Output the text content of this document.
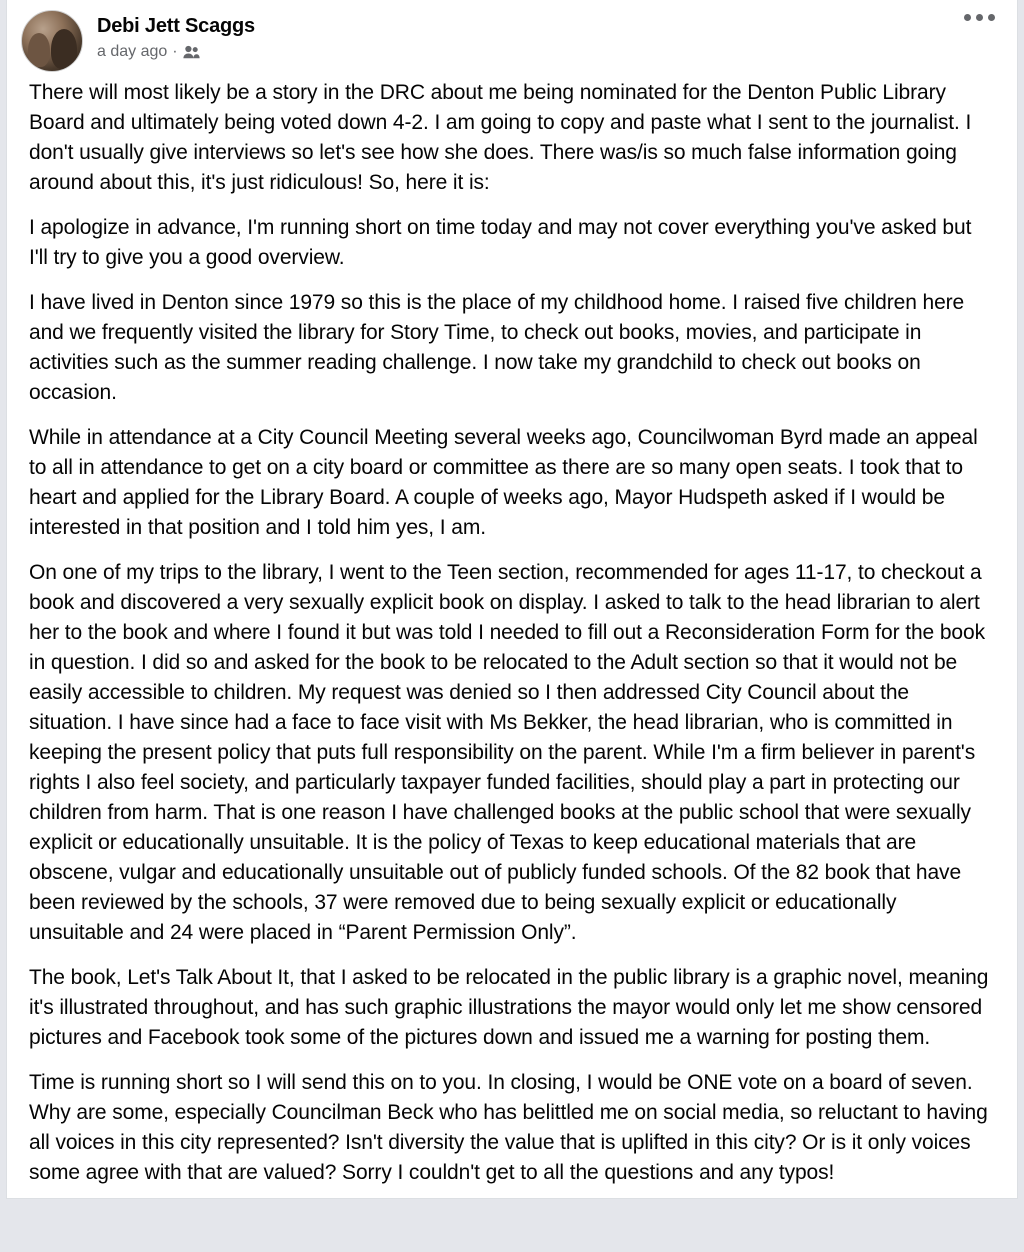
Debi Jett Scaggs
a day ago ·

There will most likely be a story in the DRC about me being nominated for the Denton Public Library Board and ultimately being voted down 4-2. I am going to copy and paste what I sent to the journalist. I don't usually give interviews so let's see how she does. There was/is so much false information going around about this, it's just ridiculous! So, here it is:

I apologize in advance, I'm running short on time today and may not cover everything you've asked but I'll try to give you a good overview.

I have lived in Denton since 1979 so this is the place of my childhood home. I raised five children here and we frequently visited the library for Story Time, to check out books, movies, and participate in activities such as the summer reading challenge. I now take my grandchild to check out books on occasion.

While in attendance at a City Council Meeting several weeks ago, Councilwoman Byrd made an appeal to all in attendance to get on a city board or committee as there are so many open seats. I took that to heart and applied for the Library Board. A couple of weeks ago, Mayor Hudspeth asked if I would be interested in that position and I told him yes, I am.

On one of my trips to the library, I went to the Teen section, recommended for ages 11-17, to checkout a book and discovered a very sexually explicit book on display. I asked to talk to the head librarian to alert her to the book and where I found it but was told I needed to fill out a Reconsideration Form for the book in question. I did so and asked for the book to be relocated to the Adult section so that it would not be easily accessible to children. My request was denied so I then addressed City Council about the situation. I have since had a face to face visit with Ms Bekker, the head librarian, who is committed in keeping the present policy that puts full responsibility on the parent. While I'm a firm believer in parent's rights I also feel society, and particularly taxpayer funded facilities, should play a part in protecting our children from harm. That is one reason I have challenged books at the public school that were sexually explicit or educationally unsuitable. It is the policy of Texas to keep educational materials that are obscene, vulgar and educationally unsuitable out of publicly funded schools. Of the 82 book that have been reviewed by the schools, 37 were removed due to being sexually explicit or educationally unsuitable and 24 were placed in “Parent Permission Only”.

The book, Let's Talk About It, that I asked to be relocated in the public library is a graphic novel, meaning it's illustrated throughout, and has such graphic illustrations the mayor would only let me show censored pictures and Facebook took some of the pictures down and issued me a warning for posting them.

Time is running short so I will send this on to you. In closing, I would be ONE vote on a board of seven. Why are some, especially Councilman Beck who has belittled me on social media, so reluctant to having all voices in this city represented? Isn't diversity the value that is uplifted in this city? Or is it only voices some agree with that are valued? Sorry I couldn't get to all the questions and any typos!
